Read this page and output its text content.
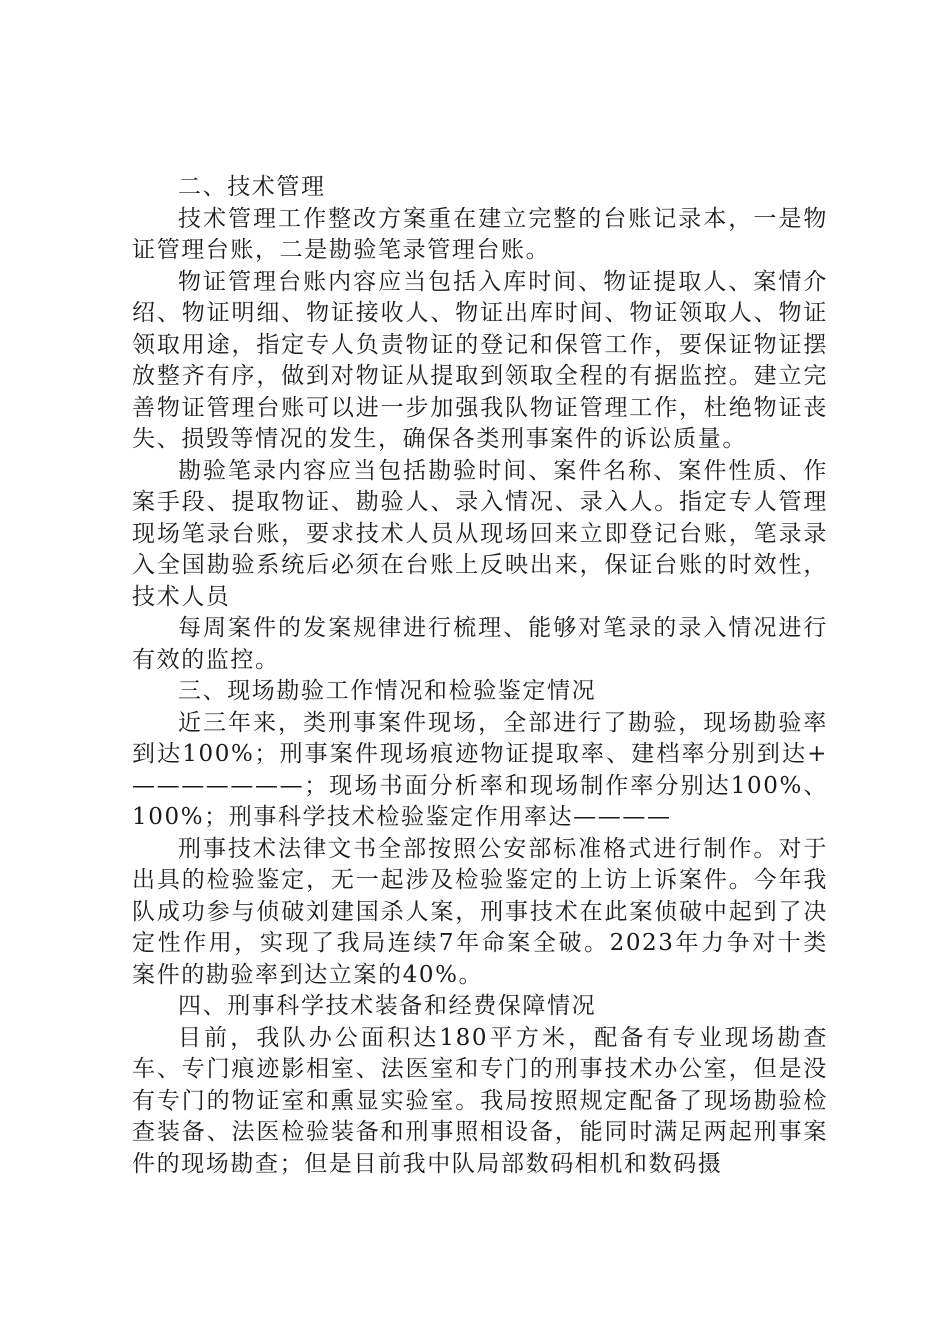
二、技术管理

技术管理工作整改方案重在建立完整的台账记录本，一是物证管理台账，二是勘验笔录管理台账。

物证管理台账内容应当包括入库时间、物证提取人、案情介绍、物证明细、物证接收人、物证出库时间、物证领取人、物证领取用途，指定专人负责物证的登记和保管工作，要保证物证摆放整齐有序，做到对物证从提取到领取全程的有据监控。建立完善物证管理台账可以进一步加强我队物证管理工作，杜绝物证丧失、损毁等情况的发生，确保各类刑事案件的诉讼质量。

勘验笔录内容应当包括勘验时间、案件名称、案件性质、作案手段、提取物证、勘验人、录入情况、录入人。指定专人管理现场笔录台账，要求技术人员从现场回来立即登记台账，笔录录入全国勘验系统后必须在台账上反映出来，保证台账的时效性，技术人员

每周案件的发案规律进行梳理、能够对笔录的录入情况进行有效的监控。

三、现场勘验工作情况和检验鉴定情况

近三年来，类刑事案件现场，全部进行了勘验，现场勘验率到达100%；刑事案件现场痕迹物证提取率、建档率分别到达+———————；现场书面分析率和现场制作率分别达100%、100%；刑事科学技术检验鉴定作用率达————

刑事技术法律文书全部按照公安部标准格式进行制作。对于出具的检验鉴定，无一起涉及检验鉴定的上访上诉案件。今年我队成功参与侦破刘建国杀人案，刑事技术在此案侦破中起到了决定性作用，实现了我局连续7年命案全破。2023年力争对十类案件的勘验率到达立案的40%。

四、刑事科学技术装备和经费保障情况

目前，我队办公面积达180平方米，配备有专业现场勘查车、专门痕迹影相室、法医室和专门的刑事技术办公室，但是没有专门的物证室和熏显实验室。我局按照规定配备了现场勘验检查装备、法医检验装备和刑事照相设备，能同时满足两起刑事案件的现场勘查；但是目前我中队局部数码相机和数码摄
